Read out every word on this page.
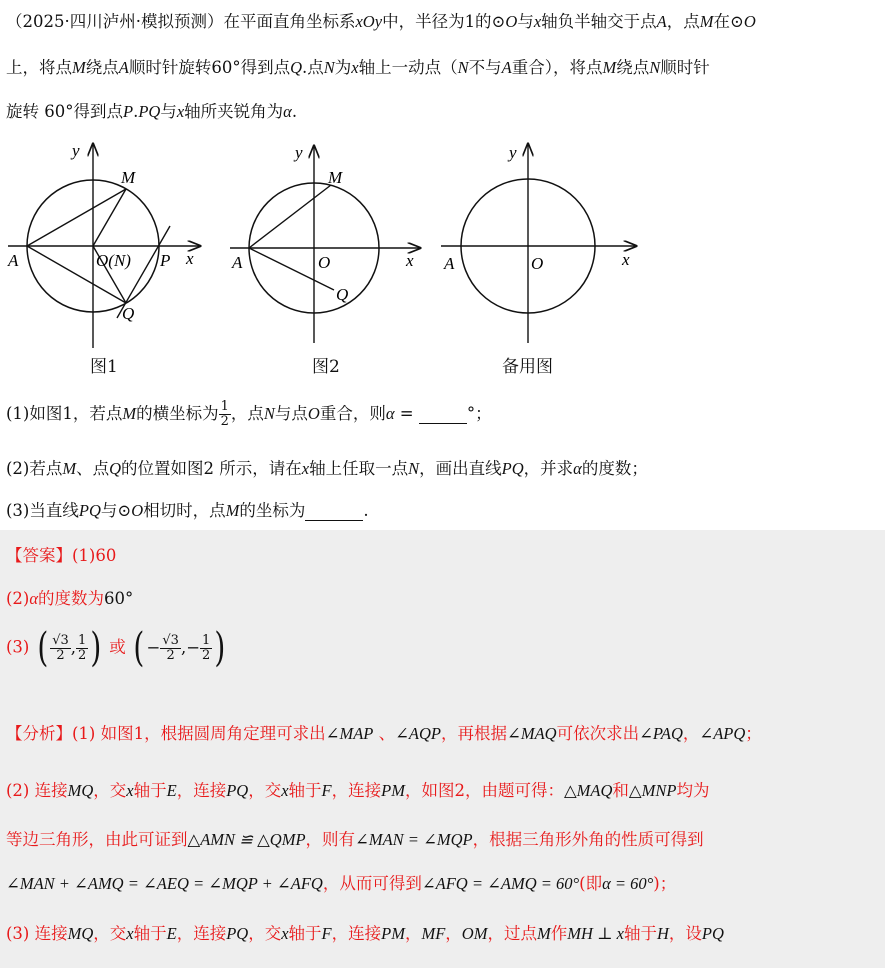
（2025·四川泸州·模拟预测）在平面直角坐标系xOy中，半径为1的⊙O与x轴负半轴交于点A，点M在⊙O
上，将点M绕点A顺时针旋转60°得到点Q.点N为x轴上一动点（N不与A重合），将点M绕点N顺时针
旋转 60°得到点P.PQ与x轴所夹锐角为α.
y
M
A	O(N) P x
Q
y
M
A	O	x
Q
y
A	O	x
图1	图2	备用图
(1)如图1，若点M的横坐标为 $\frac{1}{2}$ ，点N与点O重合，则α =	°；
(2)若点M、点Q的位置如图2 所示，请在x轴上任取一点N，画出直线PQ，并求α的度数；
(3)当直线PQ与⊙O相切时，点M的坐标为	.
【答案】(1)60
(2)α的度数为60°
(3) ( $\frac{√3}{2}$ , $\frac{1}{2}$ ) 或 ( − $\frac{√3}{2}$ ,− $\frac{1}{2}$ )
【分析】(1) 如图1，根据圆周角定理可求出∠MAP 、∠AQP，再根据∠MAQ可依次求出∠PAQ，∠APQ；
(2) 连接MQ，交x轴于E，连接PQ，交x轴于F，连接PM，如图2，由题可得：△MAQ和△MNP均为
等边三角形，由此可证到△AMN ≌ △QMP，则有∠MAN = ∠MQP，根据三角形外角的性质可得到
∠MAN + ∠AMQ = ∠AEQ = ∠MQP + ∠AFQ，从而可得到∠AFQ = ∠AMQ = 60°(即α = 60°)；
(3) 连接MQ，交x轴于E，连接PQ，交x轴于F，连接PM，MF，OM，过点M作MH ⊥ x轴于H，设PQ
